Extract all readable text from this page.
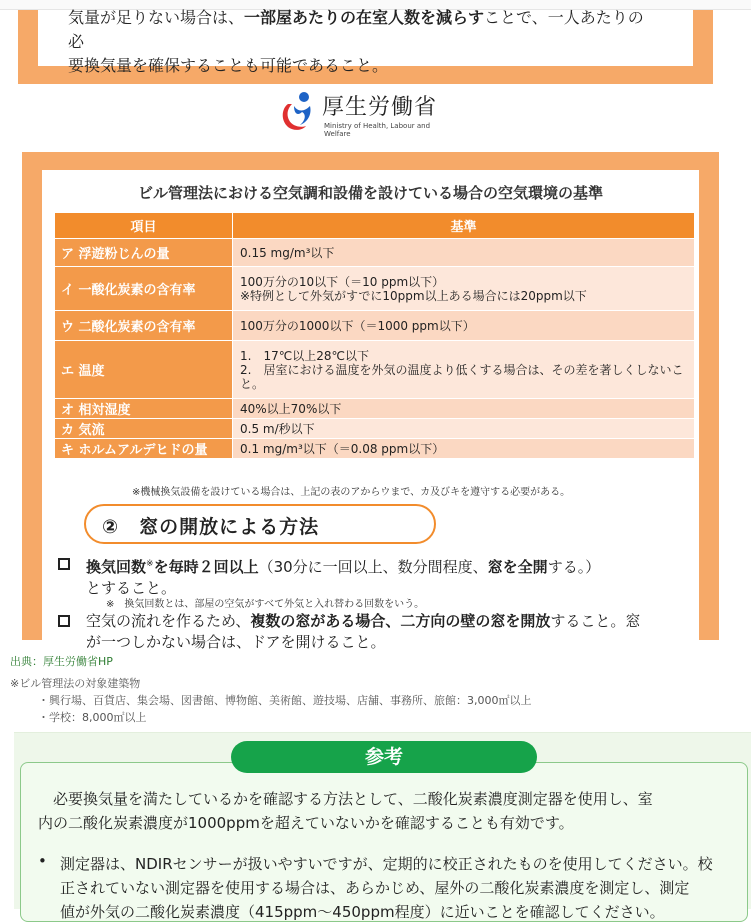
気量が足りない場合は、一部屋あたりの在室人数を減らすことで、一人あたりの必
要換気量を確保することも可能であること。
厚生労働省
Ministry of Health, Labour and Welfare
ビル管理法における空気調和設備を設けている場合の空気環境の基準
項目	基準
ア 浮遊粉じんの量	0.15 mg/m³以下
イ 一酸化炭素の含有率	100万分の10以下（＝10 ppm以下）
※特例として外気がすでに10ppm以上ある場合には20ppm以下

ウ 二酸化炭素の含有率	100万分の1000以下（＝1000 ppm以下）
エ 温度	1.　17℃以上28℃以下
2.　居室における温度を外気の温度より低くする場合は、その差を著しくしないこと。

オ 相対湿度	40%以上70%以下
カ 気流	0.5 m/秒以下
キ ホルムアルデヒドの量	0.1 mg/m³以下（＝0.08 ppm以下）
※機械換気設備を設けている場合は、上記の表のアからウまで、カ及びキを遵守する必要がある。
②　窓の開放による方法
換気回数※を毎時２回以上（30分に一回以上、数分間程度、窓を全開する。）
とすること。
※　換気回数とは、部屋の空気がすべて外気と入れ替わる回数をいう。
空気の流れを作るため、複数の窓がある場合、二方向の壁の窓を開放すること。窓
が一つしかない場合は、ドアを開けること。
出典：厚生労働省HP
※ビル管理法の対象建築物
・興行場、百貨店、集会場、図書館、博物館、美術館、遊技場、店舗、事務所、旅館：3,000㎡以上
・学校：8,000㎡以上
参考
　必要換気量を満たしているかを確認する方法として、二酸化炭素濃度測定器を使用し、室
内の二酸化炭素濃度が1000ppmを超えていないかを確認することも有効です。
• 測定器は、NDIRセンサーが扱いやすいですが、定期的に校正されたものを使用してください。校
正されていない測定器を使用する場合は、あらかじめ、屋外の二酸化炭素濃度を測定し、測定
値が外気の二酸化炭素濃度（415ppm～450ppm程度）に近いことを確認してください。
